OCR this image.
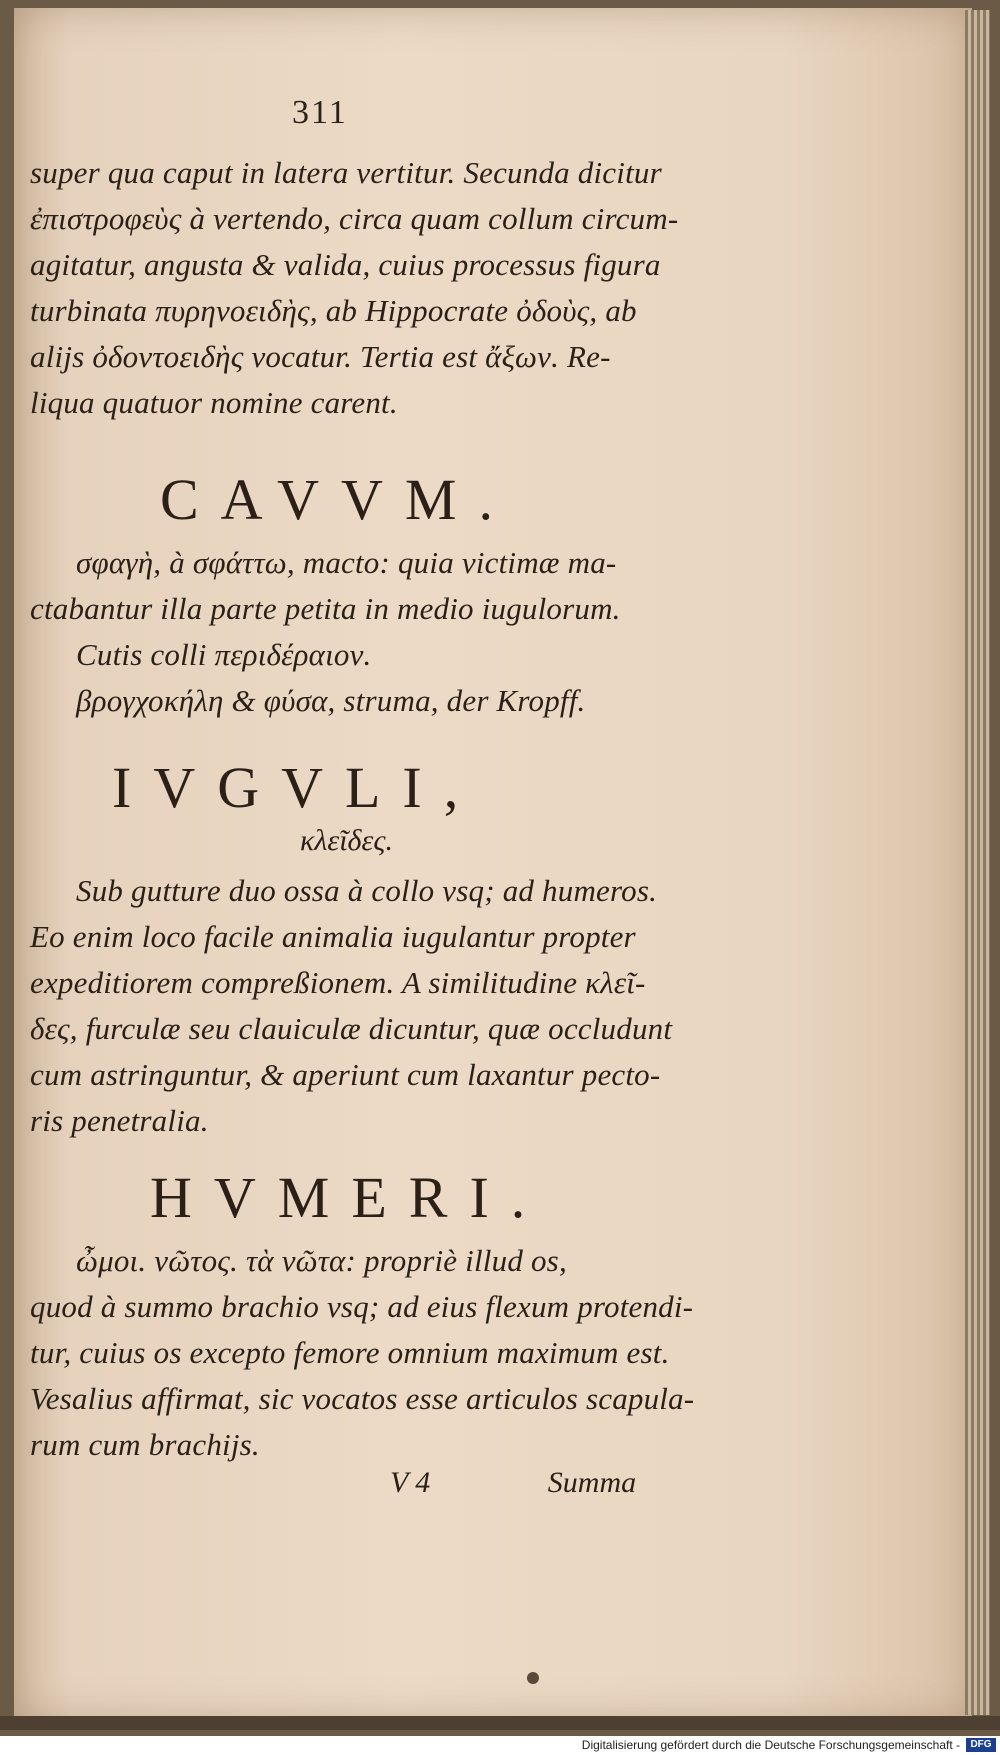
311
super qua caput in latera vertitur. Secunda dicitur
ἐπιστροφεὺς à vertendo, circa quam collum circum-
agitatur, angusta & valida, cuius processus figura
turbinata πυρηνοειδὴς, ab Hippocrate ὀδοὺς, ab
alijs ὀδοντοειδὴς vocatur. Tertia est ἄξων. Re-
liqua quatuor nomine carent.
CAVVM.
σφαγὴ, à σφάττω, macto: quia victimæ ma-
ctabantur illa parte petita in medio iugulorum.
Cutis colli περιδέραιον.
βρογχοκήλη & φύσα, struma, der Kropff.
IVGVLI,
κλεῖδες.
Sub gutture duo ossa à collo vsq; ad humeros.
Eo enim loco facile animalia iugulantur propter
expeditiorem compreßionem. A similitudine κλεῖ-
δες, furculæ seu clauiculæ dicuntur, quæ occludunt
cum astringuntur, & aperiunt cum laxantur pecto-
ris penetralia.
HVMERI.
ὦμοι. νῶτος. τὰ νῶτα: propriè illud os,
quod à summo brachio vsq; ad eius flexum protendi-
tur, cuius os excepto femore omnium maximum est.
Vesalius affirmat, sic vocatos esse articulos scapula-
rum cum brachijs.
V 4	Summa
Digitalisierung gefördert durch die Deutsche Forschungsgemeinschaft -	DFG
